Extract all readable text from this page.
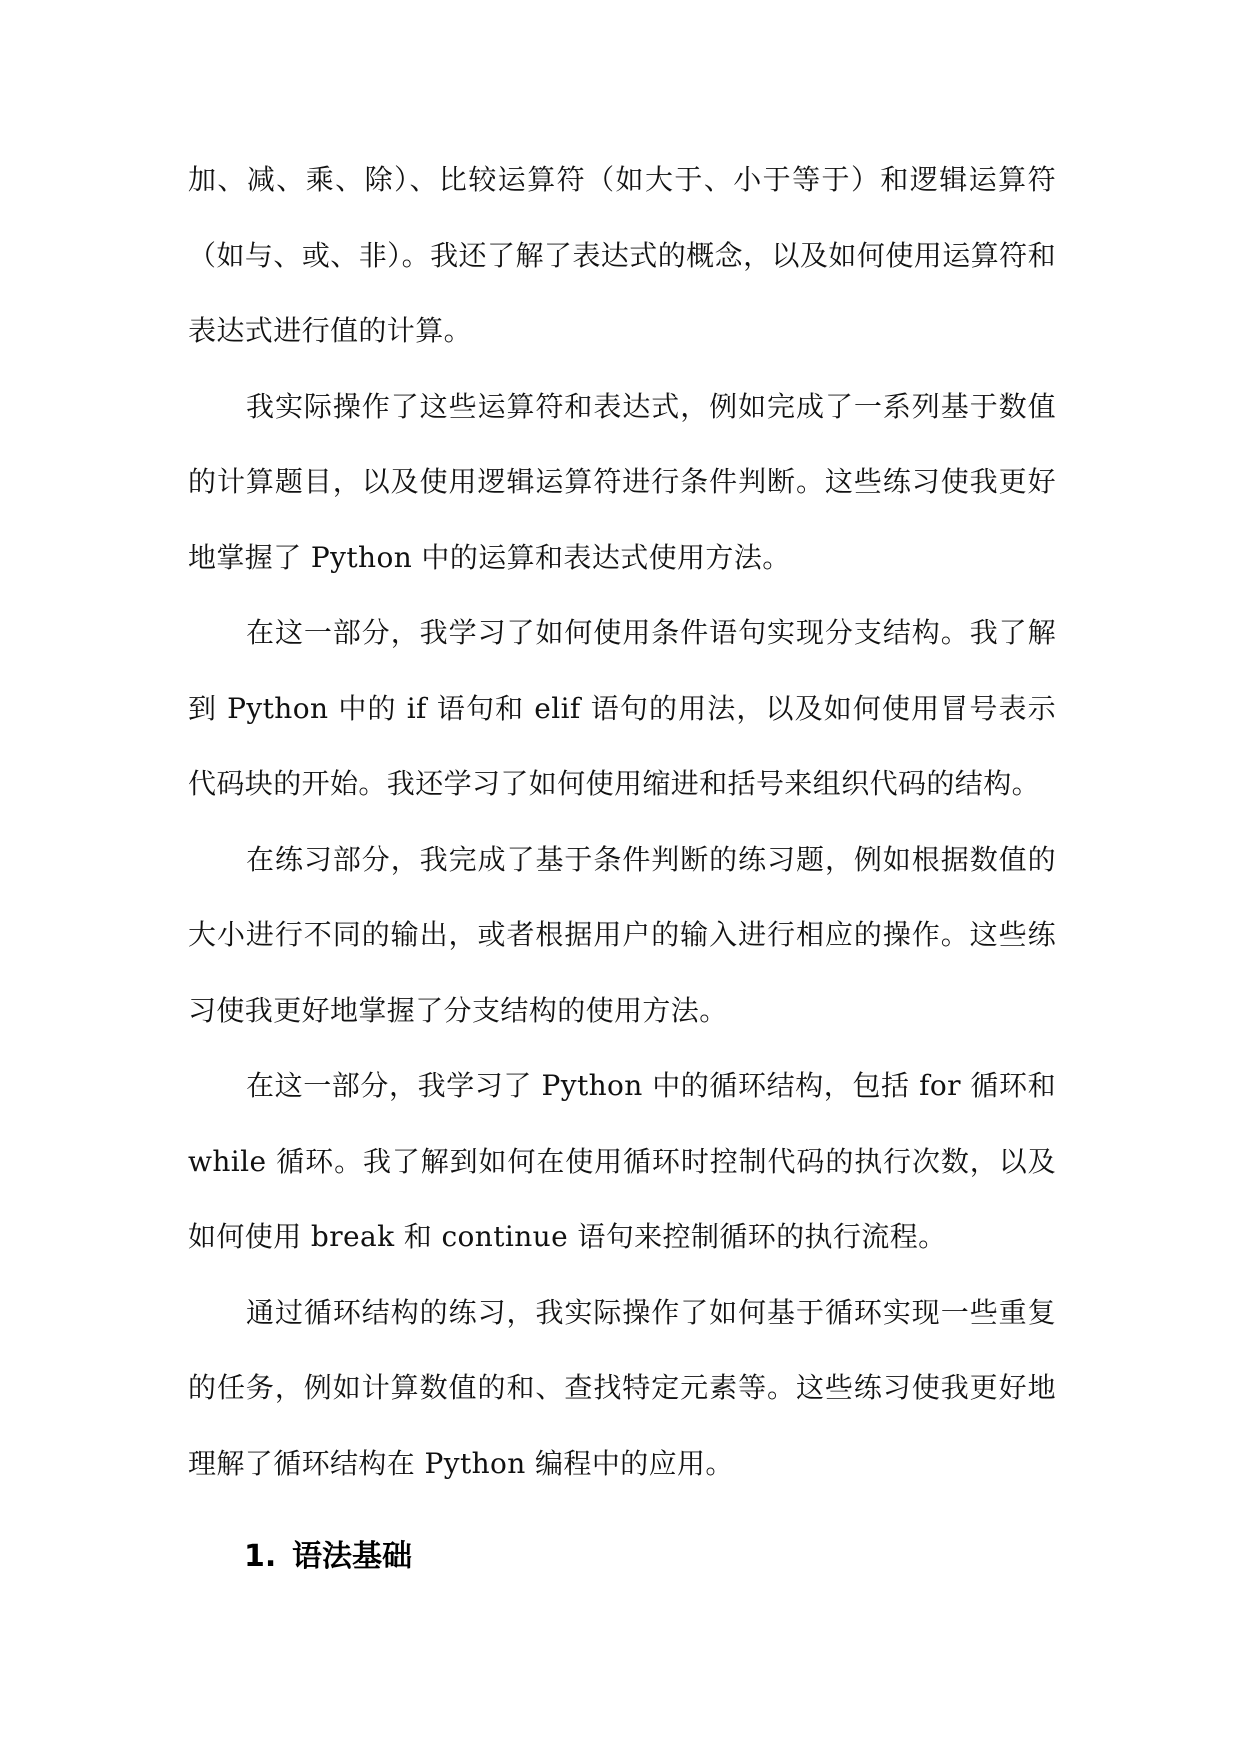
加、减、乘、除）、比较运算符（如大于、小于等于）和逻辑运算符（如与、或、非）。我还了解了表达式的概念，以及如何使用运算符和表达式进行值的计算。

我实际操作了这些运算符和表达式，例如完成了一系列基于数值的计算题目，以及使用逻辑运算符进行条件判断。这些练习使我更好地掌握了 Python 中的运算和表达式使用方法。

在这一部分，我学习了如何使用条件语句实现分支结构。我了解到 Python 中的 if 语句和 elif 语句的用法，以及如何使用冒号表示代码块的开始。我还学习了如何使用缩进和括号来组织代码的结构。

在练习部分，我完成了基于条件判断的练习题，例如根据数值的大小进行不同的输出，或者根据用户的输入进行相应的操作。这些练习使我更好地掌握了分支结构的使用方法。

在这一部分，我学习了 Python 中的循环结构，包括 for 循环和 while 循环。我了解到如何在使用循环时控制代码的执行次数，以及如何使用 break 和 continue 语句来控制循环的执行流程。

通过循环结构的练习，我实际操作了如何基于循环实现一些重复的任务，例如计算数值的和、查找特定元素等。这些练习使我更好地理解了循环结构在 Python 编程中的应用。

1. 语法基础
